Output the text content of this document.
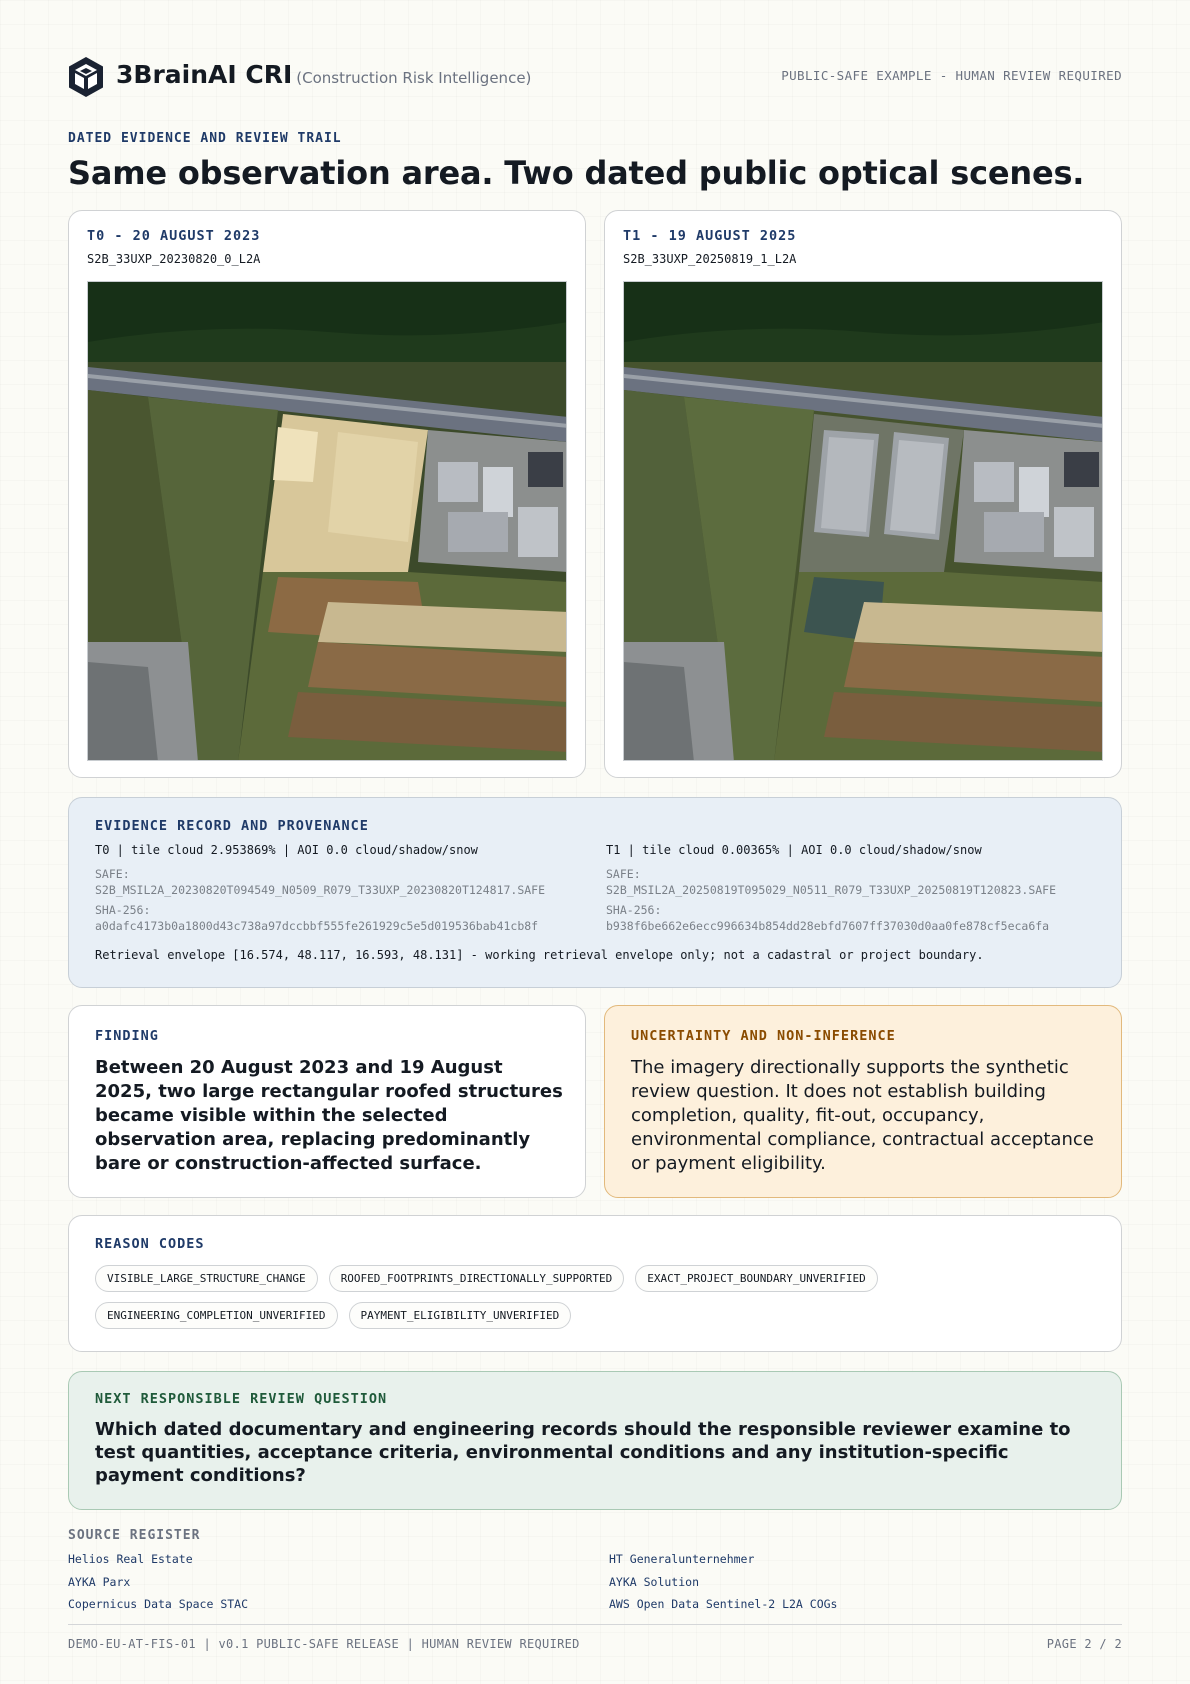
3BrainAI CRI (Construction Risk Intelligence)	PUBLIC-SAFE EXAMPLE - HUMAN REVIEW REQUIRED
DATED EVIDENCE AND REVIEW TRAIL
Same observation area. Two dated public optical scenes.
T0 - 20 AUGUST 2023
S2B_33UXP_20230820_0_L2A
T1 - 19 AUGUST 2025
S2B_33UXP_20250819_1_L2A
EVIDENCE RECORD AND PROVENANCE
T0 | tile cloud 2.953869% | AOI 0.0 cloud/shadow/snow
SAFE:
S2B_MSIL2A_20230820T094549_N0509_R079_T33UXP_20230820T124817.SAFE
SHA-256:
a0dafc4173b0a1800d43c738a97dccbbf555fe261929c5e5d019536bab41cb8f
T1 | tile cloud 0.00365% | AOI 0.0 cloud/shadow/snow
SAFE:
S2B_MSIL2A_20250819T095029_N0511_R079_T33UXP_20250819T120823.SAFE
SHA-256:
b938f6be662e6ecc996634b854dd28ebfd7607ff37030d0aa0fe878cf5eca6fa
Retrieval envelope [16.574, 48.117, 16.593, 48.131] - working retrieval envelope only; not a cadastral or project boundary.
FINDING
Between 20 August 2023 and 19 August 2025, two large rectangular roofed structures became visible within the selected observation area, replacing predominantly bare or construction-affected surface.
UNCERTAINTY AND NON-INFERENCE
The imagery directionally supports the synthetic review question. It does not establish building completion, quality, fit-out, occupancy, environmental compliance, contractual acceptance or payment eligibility.
REASON CODES
VISIBLE_LARGE_STRUCTURE_CHANGE	ROOFED_FOOTPRINTS_DIRECTIONALLY_SUPPORTED	EXACT_PROJECT_BOUNDARY_UNVERIFIED
ENGINEERING_COMPLETION_UNVERIFIED	PAYMENT_ELIGIBILITY_UNVERIFIED
NEXT RESPONSIBLE REVIEW QUESTION
Which dated documentary and engineering records should the responsible reviewer examine to test quantities, acceptance criteria, environmental conditions and any institution-specific payment conditions?
SOURCE REGISTER
Helios Real Estate	HT Generalunternehmer
AYKA Parx	AYKA Solution
Copernicus Data Space STAC	AWS Open Data Sentinel-2 L2A COGs
DEMO-EU-AT-FIS-01 | v0.1 PUBLIC-SAFE RELEASE | HUMAN REVIEW REQUIRED	PAGE 2 / 2
